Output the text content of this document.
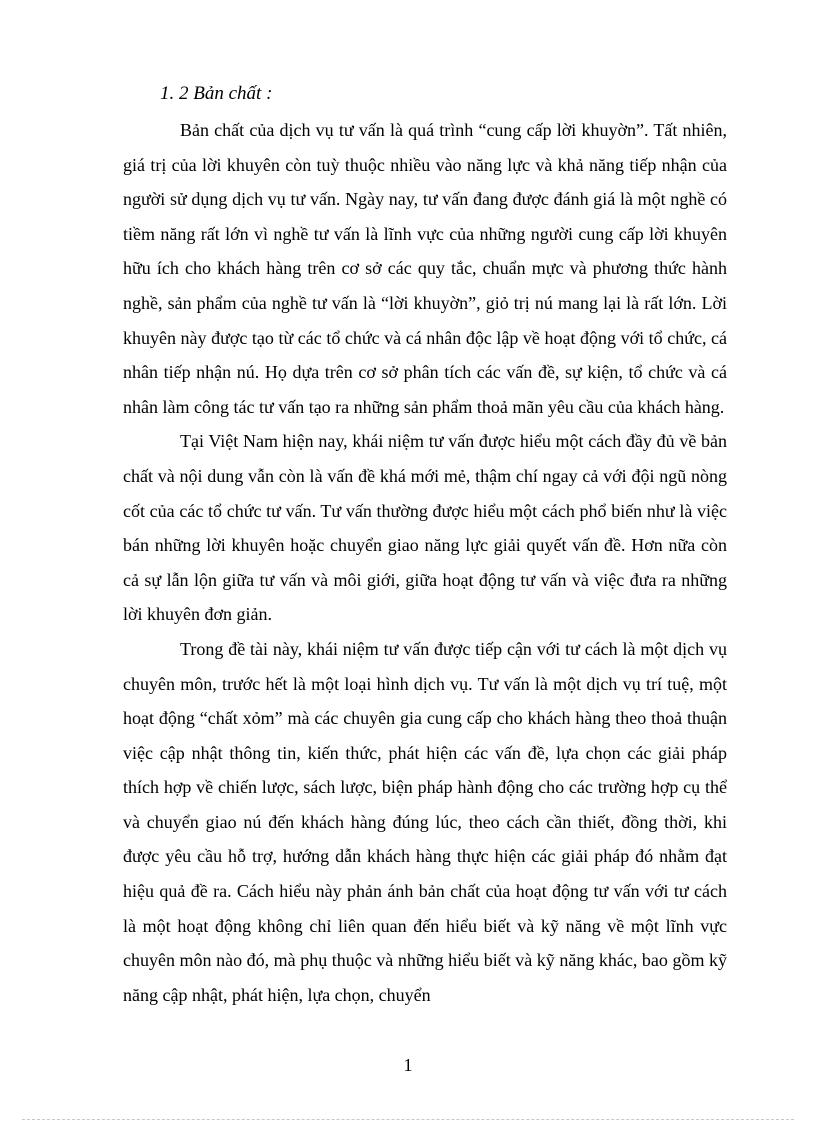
1. 2 Bản chất :

Bản chất của dịch vụ tư vấn là quá trình “cung cấp lời khuyờn”. Tất nhiên, giá trị của lời khuyên còn tuỳ thuộc nhiều vào năng lực và khả năng tiếp nhận của người sử dụng dịch vụ tư vấn. Ngày nay, tư vấn đang được đánh giá là một nghề có tiềm năng rất lớn vì nghề tư vấn là lĩnh vực của những người cung cấp lời khuyên hữu ích cho khách hàng trên cơ sở các quy tắc, chuẩn mực và phương thức hành nghề, sản phẩm của nghề tư vấn là “lời khuyờn”, giỏ trị nú mang lại là rất lớn. Lời khuyên này được tạo từ các tổ chức và cá nhân độc lập về hoạt động với tổ chức, cá nhân tiếp nhận nú. Họ dựa trên cơ sở phân tích các vấn đề, sự kiện, tổ chức và cá nhân làm công tác tư vấn tạo ra những sản phẩm thoả mãn yêu cầu của khách hàng.

Tại Việt Nam hiện nay, khái niệm tư vấn được hiểu một cách đầy đủ về bản chất và nội dung vẫn còn là vấn đề khá mới mẻ, thậm chí ngay cả với đội ngũ nòng cốt của các tổ chức tư vấn. Tư vấn thường được hiểu một cách phổ biến như là việc bán những lời khuyên hoặc chuyển giao năng lực giải quyết vấn đề. Hơn nữa còn cả sự lẫn lộn giữa tư vấn và môi giới, giữa hoạt động tư vấn và việc đưa ra những lời khuyên đơn giản.

Trong đề tài này, khái niệm tư vấn được tiếp cận với tư cách là một dịch vụ chuyên môn, trước hết là một loại hình dịch vụ. Tư vấn là một dịch vụ trí tuệ, một hoạt động “chất xỏm” mà các chuyên gia cung cấp cho khách hàng theo thoả thuận việc cập nhật thông tin, kiến thức, phát hiện các vấn đề, lựa chọn các giải pháp thích hợp về chiến lược, sách lược, biện pháp hành động cho các trường hợp cụ thể và chuyển giao nú đến khách hàng đúng lúc, theo cách cần thiết, đồng thời, khi được yêu cầu hỗ trợ, hướng dẫn khách hàng thực hiện các giải pháp đó nhằm đạt hiệu quả đề ra. Cách hiểu này phản ánh bản chất của hoạt động tư vấn với tư cách là một hoạt động không chỉ liên quan đến hiểu biết và kỹ năng về một lĩnh vực chuyên môn nào đó, mà phụ thuộc và những hiểu biết và kỹ năng khác, bao gồm kỹ năng cập nhật, phát hiện, lựa chọn, chuyển

1
